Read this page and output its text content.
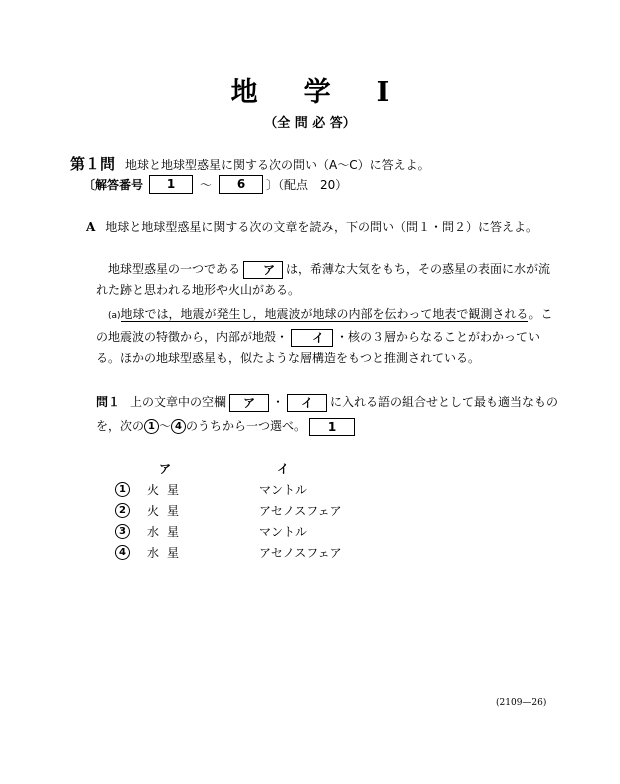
地 学 I
（全 問 必 答）
第１問 地球と地球型惑星に関する次の問い（A～C）に答えよ。
〔解答番号	1	～	6	〕（配点　20）
A 地球と地球型惑星に関する次の文章を読み，下の問い（問１・問２）に答えよ。
地球型惑星の一つである ア は，希薄な大気をもち，その惑星の表面に水が流れた跡と思われる地形や火山がある。
(a)地球では，地震が発生し，地震波が地球の内部を伝わって地表で観測される。この地震波の特徴から，内部が地殻・ イ ・核の３層からなることがわかっている。ほかの地球型惑星も，似たような層構造をもつと推測されている。
問１ 上の文章中の空欄 ア ・ イ に入れる語の組合せとして最も適当なものを，次の 1 ～ 4 のうちから一つ選べ。 1
ア	イ
1	火星	マントル
2	火星	アセノスフェア
3	水星	マントル
4	水星	アセノスフェア
(2109—26)
